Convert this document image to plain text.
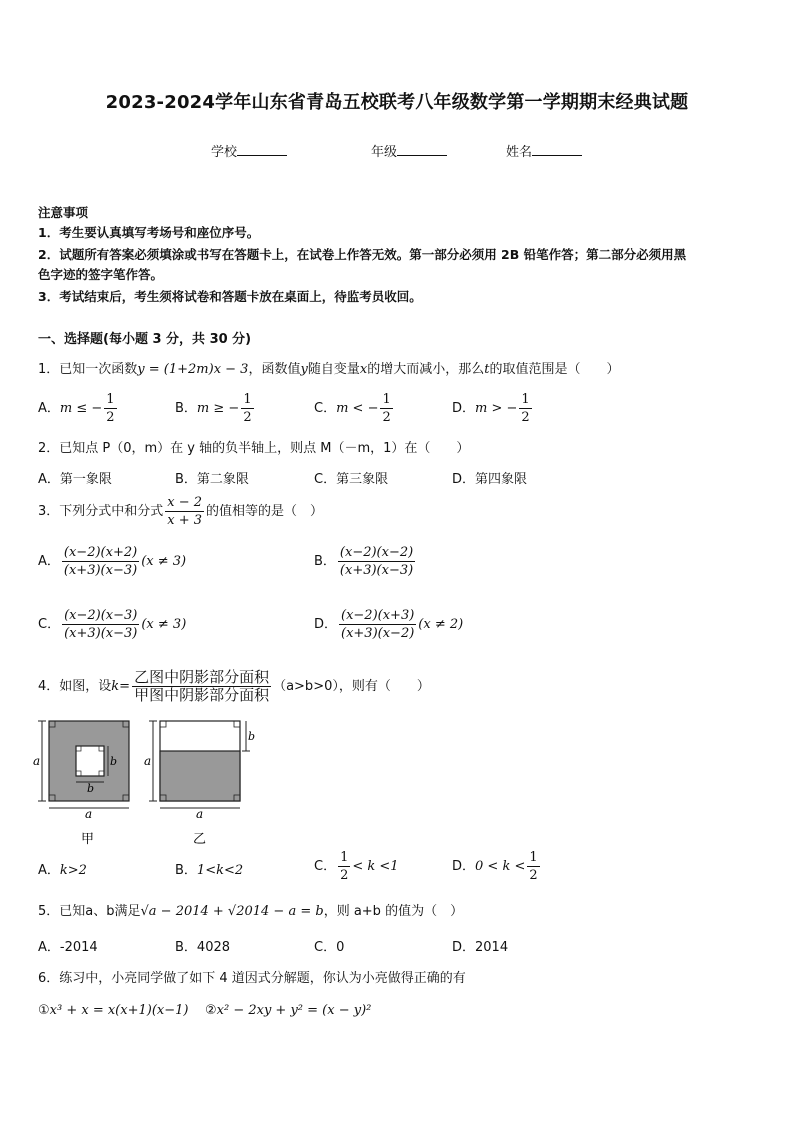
2023-2024学年山东省青岛五校联考八年级数学第一学期期末经典试题
学校	年级	姓名
注意事项
1．考生要认真填写考场号和座位序号。
2．试题所有答案必须填涂或书写在答题卡上，在试卷上作答无效。第一部分必须用 2B 铅笔作答；第二部分必须用黑
色字迹的签字笔作答。
3．考试结束后，考生须将试卷和答题卡放在桌面上，待监考员收回。
一、选择题(每小题 3 分，共 30 分)
1．已知一次函数y = (1+2m)x − 3，函数值y随自变量x的增大而减小，那么t的取值范围是（　　）
A．m ≤ − $\frac{1}{2}$	B．m ≥ − $\frac{1}{2}$	C．m < − $\frac{1}{2}$	D．m > − $\frac{1}{2}$
2．已知点 P（0，m）在 y 轴的负半轴上，则点 M（－m，1）在（　　）
A．第一象限	B．第二象限	C．第三象限	D．第四象限
3．下列分式中和分式 $\frac{x - 2}{x + 3}$ 的值相等的是（　）
A． $\frac{(x-2)(x+2)}{(x+3)(x-3)} (x \ne 3)$	B． $\frac{(x-2)(x-2)}{(x+3)(x-3)}$
C． $\frac{(x-2)(x-3)}{(x+3)(x-3)} (x \ne 3)$	D． $\frac{(x-2)(x+3)}{(x+3)(x-2)} (x \ne 2)$
4．如图，设$k= \frac{\text{乙图中阴影部分面积}}{\text{甲图中阴影部分面积}} (a>b>0)$，则有（　　）
a
a
b
b
甲
a
b
a
乙
A．k>2	B．1<k<2	C． $\frac{1}{2} < k <1$	D．$0 < k < \frac{1}{2}$
5．已知a、b满足√a − 2014 + √2014 − a = b，则 a+b 的值为（　）
A．-2014	B．4028	C．0	D．2014
6．练习中，小亮同学做了如下 4 道因式分解题，你认为小亮做得正确的有
①x³ + x = x(x+1)(x−1) ②x² − 2xy + y² = (x − y)²
